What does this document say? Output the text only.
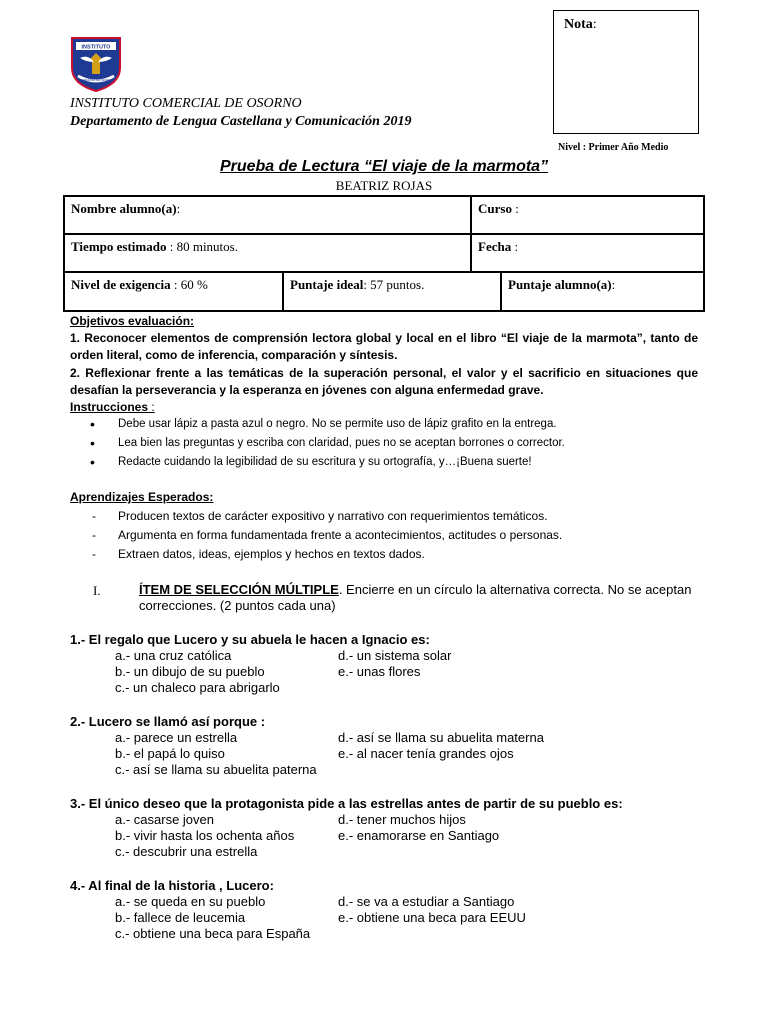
INSTITUTO
COMERCIAL DE OSORNO
Nota:
INSTITUTO COMERCIAL DE OSORNO
Departamento de Lengua Castellana y Comunicación 2019
Nivel : Primer Año Medio
Prueba de Lectura “El viaje de la marmota”
BEATRIZ ROJAS
Nombre alumno(a):	Curso :
Tiempo estimado : 80 minutos.	Fecha :
Nivel de exigencia : 60 %	Puntaje ideal: 57 puntos.	Puntaje alumno(a):
Objetivos evaluación:
1. Reconocer elementos de comprensión lectora global y local en el libro “El viaje de la marmota”, tanto de orden literal, como de inferencia, comparación y síntesis.
2. Reflexionar frente a las temáticas de la superación personal, el valor y el sacrificio en situaciones que desafían la perseverancia y la esperanza en jóvenes con alguna enfermedad grave.
Instrucciones :
• Debe usar lápiz a pasta azul o negro. No se permite uso de lápiz grafito en la entrega.
• Lea bien las preguntas y escriba con claridad, pues no se aceptan borrones o corrector.
• Redacte cuidando la legibilidad de su escritura y su ortografía, y…¡Buena suerte!
Aprendizajes Esperados:
- Producen textos de carácter expositivo y narrativo con requerimientos temáticos.
- Argumenta en forma fundamentada frente a acontecimientos, actitudes o personas.
- Extraen datos, ideas, ejemplos y hechos en textos dados.
I.	ÍTEM DE SELECCIÓN MÚLTIPLE. Encierre en un círculo la alternativa correcta. No se aceptan correcciones. (2 puntos cada una)
1.- El regalo que Lucero y su abuela le hacen a Ignacio es:
a.- una cruz católica	d.- un sistema solar
b.- un dibujo de su pueblo	e.- unas flores
c.- un chaleco para abrigarlo
2.- Lucero se llamó así porque :
a.- parece un estrella	d.- así se llama su abuelita materna
b.- el papá lo quiso	e.- al nacer tenía grandes ojos
c.- así se llama su abuelita paterna
3.- El único deseo que la protagonista pide a las estrellas antes de partir de su pueblo es:
a.- casarse joven	d.- tener muchos hijos
b.- vivir hasta los ochenta años	e.- enamorarse en Santiago
c.- descubrir una estrella
4.- Al final de la historia , Lucero:
a.- se queda en su pueblo	d.- se va a estudiar a Santiago
b.- fallece de leucemia	e.- obtiene una beca para EEUU
c.- obtiene una beca para España
